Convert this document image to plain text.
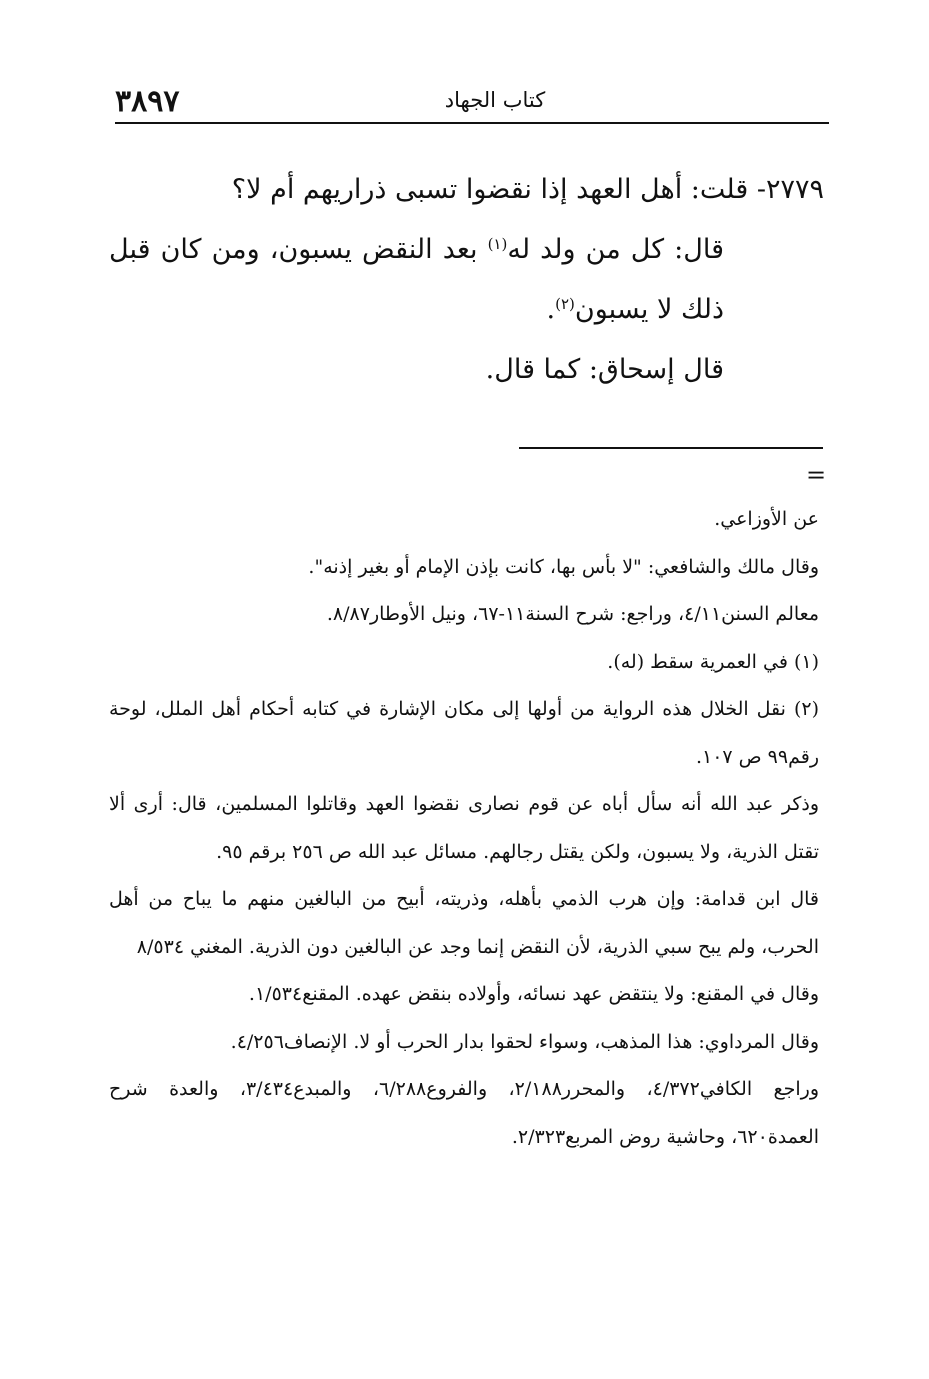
٣٨٩٧	كتاب الجهاد

٢٧٧٩- قلت: أهل العهد إذا نقضوا تسبى ذراريهم أم لا؟

قال: كل من ولد له$^{(١)}$ بعد النقض يسبون، ومن كان قبل ذلك لا يسبون$^{(٢)}$.

قال إسحاق: كما قال.

=

عن الأوزاعي.

وقال مالك والشافعي: "لا بأس بها، كانت بإذن الإمام أو بغير إذنه".

معالم السنن٤/١١، وراجع: شرح السنة١١-٦٧، ونيل الأوطار٨/٨٧.

(١) في العمرية سقط (له).

(٢) نقل الخلال هذه الرواية من أولها إلى مكان الإشارة في كتابه أحكام أهل الملل، لوحة رقم٩٩ ص ١٠٧.

وذكر عبد الله أنه سأل أباه عن قوم نصارى نقضوا العهد وقاتلوا المسلمين، قال: أرى ألا تقتل الذرية، ولا يسبون، ولكن يقتل رجالهم. مسائل عبد الله ص ٢٥٦ برقم ٩٥.

قال ابن قدامة: وإن هرب الذمي بأهله، وذريته، أبيح من البالغين منهم ما يباح من أهل الحرب، ولم يبح سبي الذرية، لأن النقض إنما وجد عن البالغين دون الذرية. المغني ٨/٥٣٤

وقال في المقنع: ولا ينتقض عهد نسائه، وأولاده بنقض عهده. المقنع١/٥٣٤.

وقال المرداوي: هذا المذهب، وسواء لحقوا بدار الحرب أو لا. الإنصاف٤/٢٥٦.

وراجع الكافي٤/٣٧٢، والمحرر٢/١٨٨، والفروع٦/٢٨٨، والمبدع٣/٤٣٤، والعدة شرح العمدة٦٢٠، وحاشية روض المربع٢/٣٢٣.
